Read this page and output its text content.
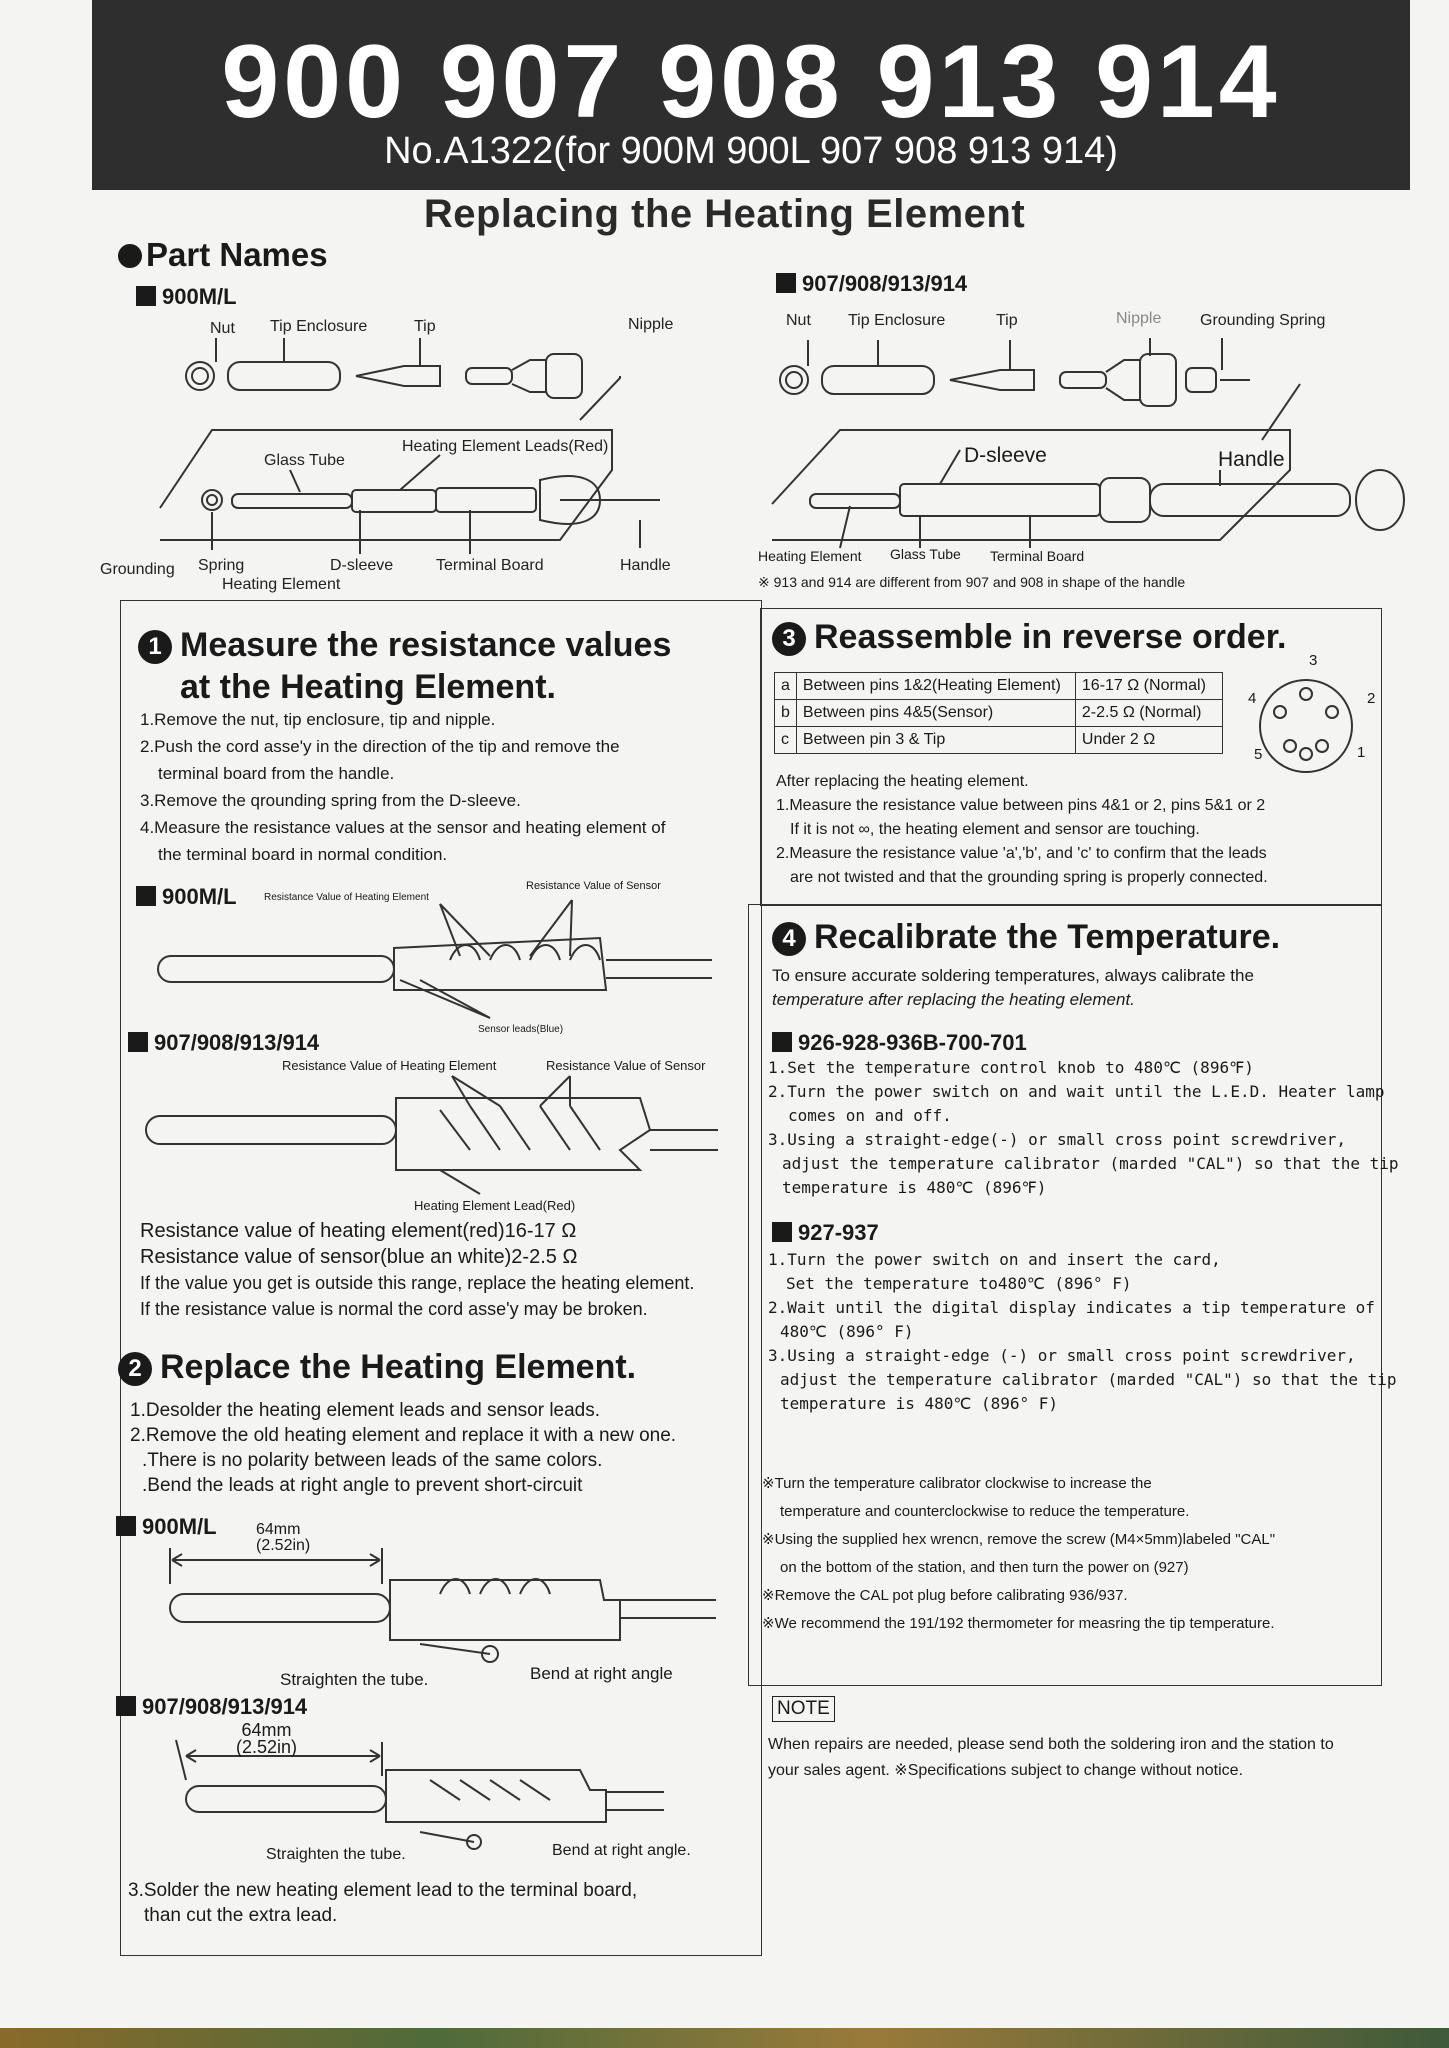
900 907 908 913 914
No.A1322(for 900M 900L 907 908 913 914)
Replacing the Heating Element
Part Names
900M/L
907/908/913/914
Nut Tip Enclosure	Tip	Nipple
Glass Tube
Heating Element Leads(Red)
Grounding Spring	D-sleeve	Terminal Board	Handle
Heating Element
Nut Tip Enclosure	Tip	Nipple Grounding Spring
D-sleeve	Handle
Heating Element Glass Tube Terminal Board
※ 913 and 914 are different from 907 and 908 in shape of the handle
1 Measure the resistance values
at the Heating Element.
1.Remove the nut, tip enclosure, tip and nipple.
2.Push the cord asse'y in the direction of the tip and remove the
terminal board from the handle.
3.Remove the qrounding spring from the D-sleeve.
4.Measure the resistance values at the sensor and heating element of
the terminal board in normal condition.
900M/L	Resistance Value of Heating Element
Resistance Value of Sensor
Sensor leads(Blue)
907/908/913/914
Resistance Value of Heating Element	Resistance Value of Sensor
Heating Element Lead(Red)
Resistance value of heating element(red)16-17 Ω
Resistance value of sensor(blue an white)2-2.5 Ω
If the value you get is outside this range, replace the heating element.
If the resistance value is normal the cord asse'y may be broken.
2 Replace the Heating Element.
1.Desolder the heating element leads and sensor leads.
2.Remove the old heating element and replace it with a new one.
.There is no polarity between leads of the same colors.
.Bend the leads at right angle to prevent short-circuit
900M/L 64mm
(2.52in)
Straighten the tube.	Bend at right angle
907/908/913/914
64mm
(2.52in)
Straighten the tube.	Bend at right angle.
3.Solder the new heating element lead to the terminal board,
than cut the extra lead.
3 Reassemble in reverse order.
a	Between pins 1&2(Heating Element)	16-17 Ω (Normal)
b	Between pins 4&5(Sensor)	2-2.5 Ω (Normal)
c	Between pin 3 & Tip	Under 2 Ω
1
2
3
4
5
After replacing the heating element.
1.Measure the resistance value between pins 4&1 or 2, pins 5&1 or 2
If it is not ∞, the heating element and sensor are touching.
2.Measure the resistance value 'a','b', and 'c' to confirm that the leads
are not twisted and that the grounding spring is properly connected.
4 Recalibrate the Temperature.
To ensure accurate soldering temperatures, always calibrate the
temperature after replacing the heating element.
926-928-936B-700-701
1.Set the temperature control knob to 480℃ (896℉)
2.Turn the power switch on and wait until the L.E.D. Heater lamp
comes on and off.
3.Using a straight-edge(-) or small cross point screwdriver,
adjust the temperature calibrator (marded "CAL") so that the tip
temperature is 480℃ (896℉)
927-937
1.Turn the power switch on and insert the card,
Set the temperature to480℃ (896° F)
2.Wait until the digital display indicates a tip temperature of
480℃ (896° F)
3.Using a straight-edge (-) or small cross point screwdriver,
adjust the temperature calibrator (marded "CAL") so that the tip
temperature is 480℃ (896° F)
※Turn the temperature calibrator clockwise to increase the
temperature and counterclockwise to reduce the temperature.
※Using the supplied hex wrencn, remove the screw (M4×5mm)labeled "CAL"
on the bottom of the station, and then turn the power on (927)
※Remove the CAL pot plug before calibrating 936/937.
※We recommend the 191/192 thermometer for measring the tip temperature.
NOTE
When repairs are needed, please send both the soldering iron and the station to
your sales agent. ※Specifications subject to change without notice.
